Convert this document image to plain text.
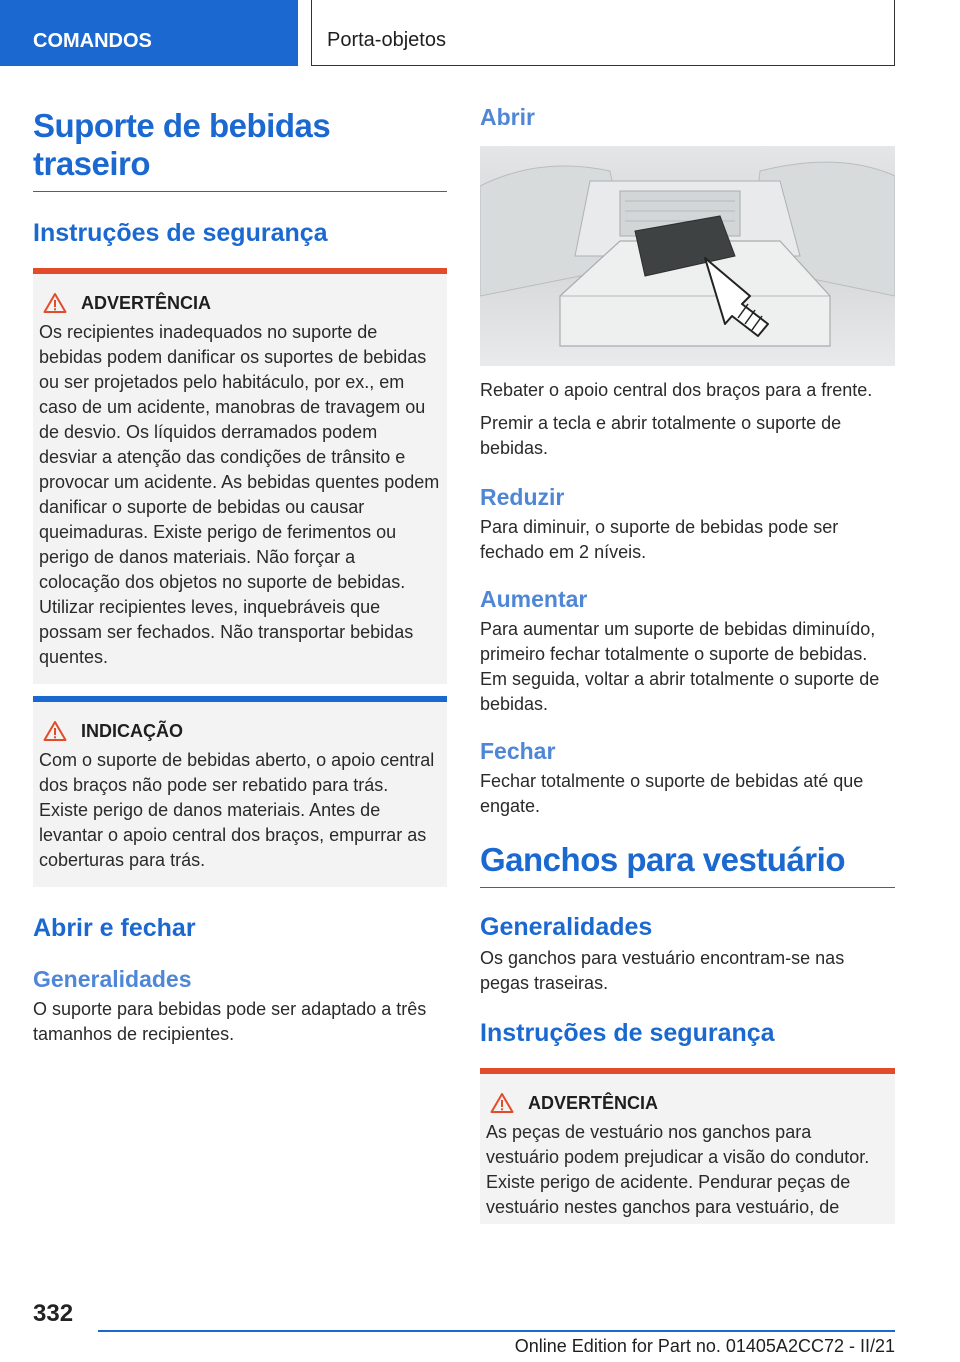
COMANDOS	Porta-objetos
Suporte de bebidas traseiro
Instruções de segurança
ADVERTÊNCIA
Os recipientes inadequados no suporte de bebidas podem danificar os suportes de bebidas ou ser projetados pelo habitáculo, por ex., em caso de um acidente, manobras de travagem ou de desvio. Os líquidos derramados podem desviar a atenção das condições de trânsito e provocar um acidente. As bebidas quentes podem danificar o suporte de bebidas ou causar queimaduras. Existe perigo de ferimentos ou perigo de danos materiais. Não forçar a colocação dos objetos no suporte de bebidas. Utilizar recipientes leves, inquebráveis que possam ser fechados. Não transportar bebidas quentes.
INDICAÇÃO
Com o suporte de bebidas aberto, o apoio central dos braços não pode ser rebatido para trás. Existe perigo de danos materiais. Antes de levantar o apoio central dos braços, empurrar as coberturas para trás.
Abrir e fechar
Generalidades
O suporte para bebidas pode ser adaptado a três tamanhos de recipientes.
Abrir
Rebater o apoio central dos braços para a frente.
Premir a tecla e abrir totalmente o suporte de bebidas.
Reduzir
Para diminuir, o suporte de bebidas pode ser fechado em 2 níveis.
Aumentar
Para aumentar um suporte de bebidas diminuído, primeiro fechar totalmente o suporte de bebidas. Em seguida, voltar a abrir totalmente o suporte de bebidas.
Fechar
Fechar totalmente o suporte de bebidas até que engate.
Ganchos para vestuário
Generalidades
Os ganchos para vestuário encontram-se nas pegas traseiras.
Instruções de segurança
ADVERTÊNCIA
As peças de vestuário nos ganchos para vestuário podem prejudicar a visão do condutor. Existe perigo de acidente. Pendurar peças de vestuário nestes ganchos para vestuário, de
332
Online Edition for Part no. 01405A2CC72 - II/21
